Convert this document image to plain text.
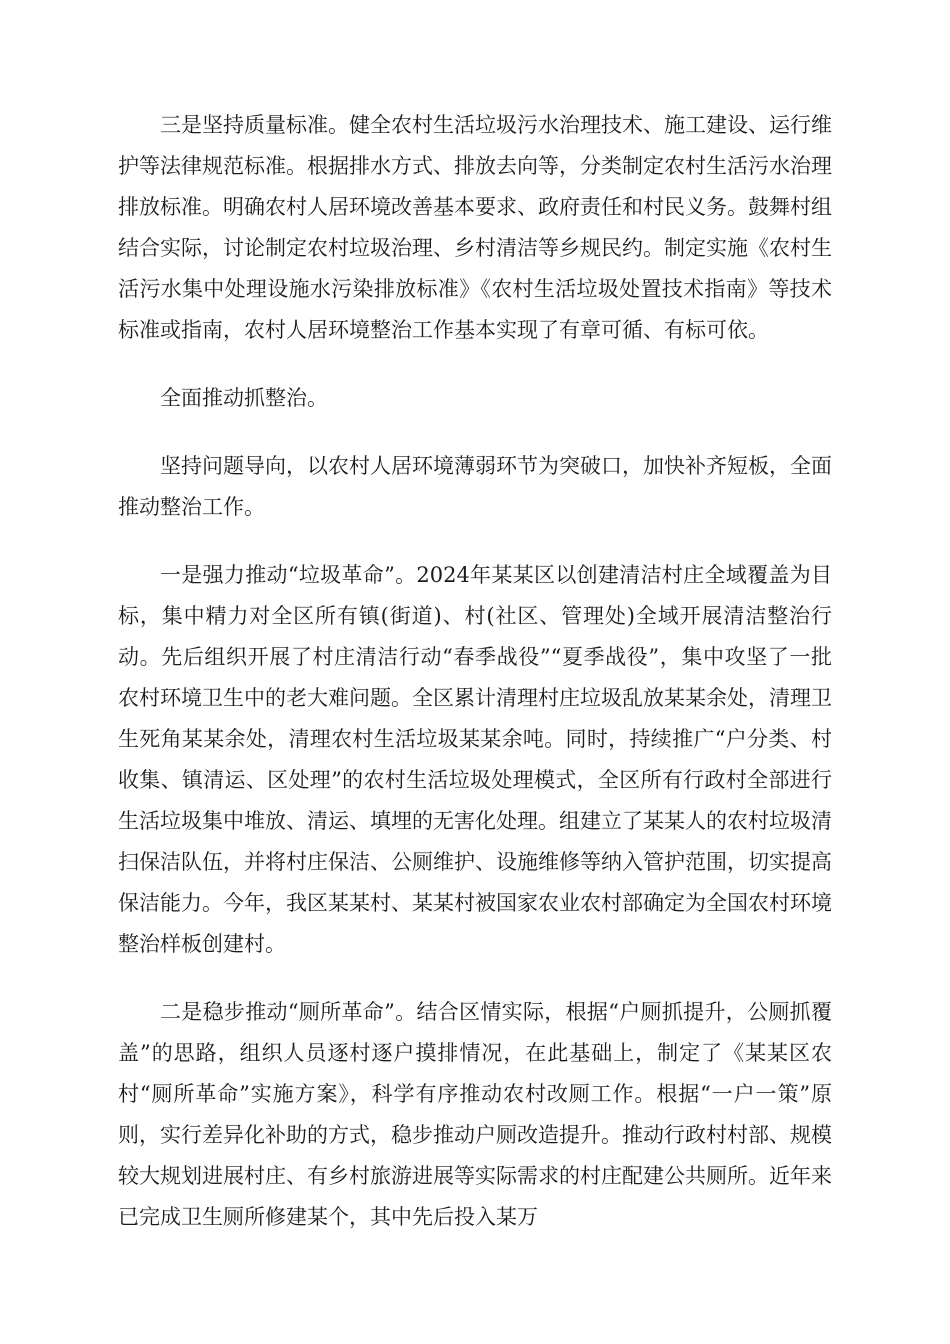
三是坚持质量标准。健全农村生活垃圾污水治理技术、施工建设、运行维护等法律规范标准。根据排水方式、排放去向等，分类制定农村生活污水治理排放标准。明确农村人居环境改善基本要求、政府责任和村民义务。鼓舞村组结合实际，讨论制定农村垃圾治理、乡村清洁等乡规民约。制定实施《农村生活污水集中处理设施水污染排放标准》《农村生活垃圾处置技术指南》等技术标准或指南，农村人居环境整治工作基本实现了有章可循、有标可依。

全面推动抓整治。

坚持问题导向，以农村人居环境薄弱环节为突破口，加快补齐短板，全面推动整治工作。

一是强力推动“垃圾革命”。2024年某某区以创建清洁村庄全域覆盖为目标，集中精力对全区所有镇(街道)、村(社区、管理处)全域开展清洁整治行动。先后组织开展了村庄清洁行动“春季战役”“夏季战役”，集中攻坚了一批农村环境卫生中的老大难问题。全区累计清理村庄垃圾乱放某某余处，清理卫生死角某某余处，清理农村生活垃圾某某余吨。同时，持续推广“户分类、村收集、镇清运、区处理”的农村生活垃圾处理模式，全区所有行政村全部进行生活垃圾集中堆放、清运、填埋的无害化处理。组建立了某某人的农村垃圾清扫保洁队伍，并将村庄保洁、公厕维护、设施维修等纳入管护范围，切实提高保洁能力。今年，我区某某村、某某村被国家农业农村部确定为全国农村环境整治样板创建村。

二是稳步推动“厕所革命”。结合区情实际，根据“户厕抓提升，公厕抓覆盖”的思路，组织人员逐村逐户摸排情况，在此基础上，制定了《某某区农村“厕所革命”实施方案》，科学有序推动农村改厕工作。根据“一户一策”原则，实行差异化补助的方式，稳步推动户厕改造提升。推动行政村村部、规模较大规划进展村庄、有乡村旅游进展等实际需求的村庄配建公共厕所。近年来已完成卫生厕所修建某个，其中先后投入某万
